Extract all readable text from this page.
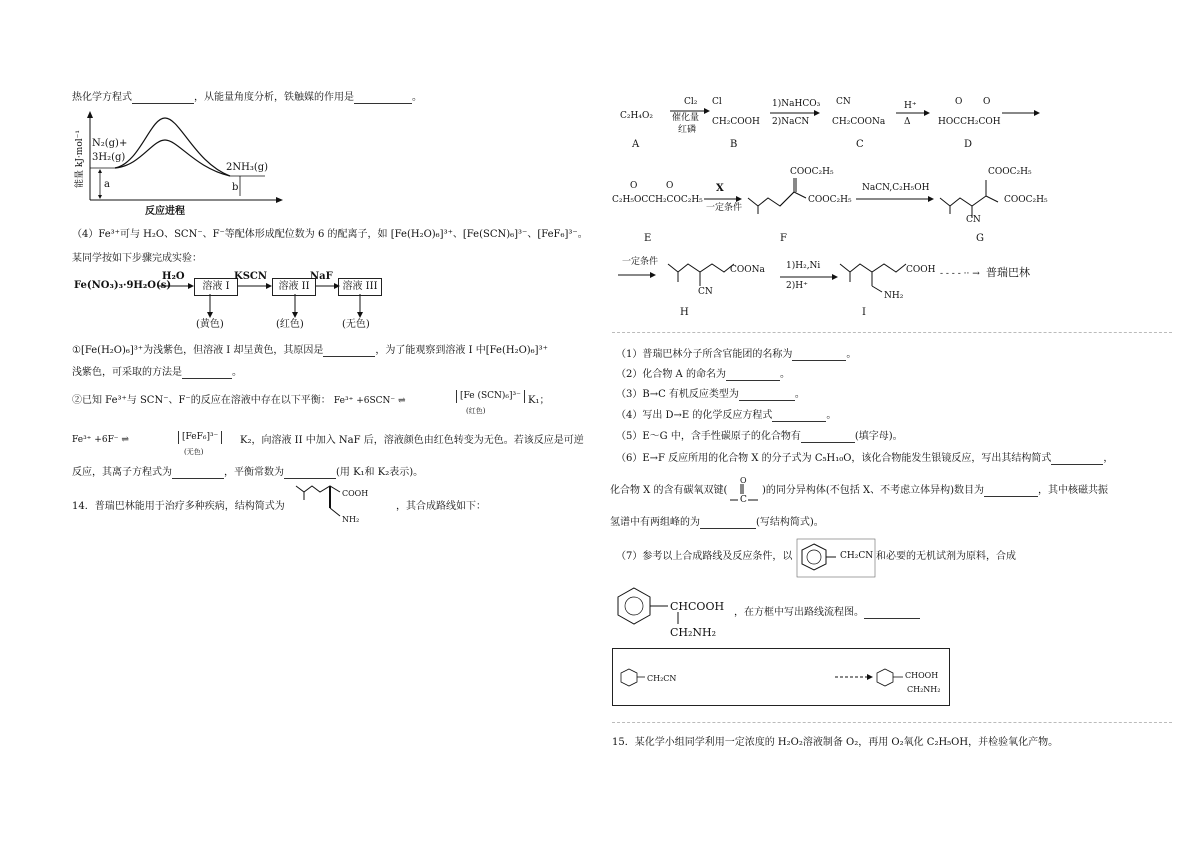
热化学方程式	，从能量角度分析，铁触媒的作用是	。
a	b
N₂(g)+
3H₂(g)
2NH₃(g)
反应进程
能量 kJ·mol⁻¹
（4）Fe³⁺可与 H₂O、SCN⁻、F⁻等配体形成配位数为 6 的配离子，如 [Fe(H₂O)₆]³⁺、[Fe(SCN)₆]³⁻、[FeF₆]³⁻。
某同学按如下步骤完成实验：
Fe(NO₃)₃·9H₂O(s)
H₂O
溶液 I
KSCN
溶液 II
NaF
溶液 III
(黄色)	(红色)	(无色)
①[Fe(H₂O)₆]³⁺为浅紫色，但溶液 I 却呈黄色，其原因是	，为了能观察到溶液 I 中[Fe(H₂O)₆]³⁺
浅紫色，可采取的方法是	。
②已知 Fe³⁺与 SCN⁻、F⁻的反应在溶液中存在以下平衡： Fe³⁺ +6SCN⁻ ⇌	[Fe (SCN)₆]³⁻
(红色)
K₁；
Fe³⁺ +6F⁻ ⇌	[FeF₆]³⁻
(无色)
K₂，向溶液 II 中加入 NaF 后，溶液颜色由红色转变为无色。若该反应是可逆
反应，其离子方程式为	，平衡常数为	(用 K₁和 K₂表示)。
14．普瑞巴林能用于治疗多种疾病，结构简式为
COOH
NH₂
，其合成路线如下：
C₂H₄O₂
A
Cl₂
催化量
红磷
Cl
CH₂COOH
B
1)NaHCO₃
2)NaCN
CN
CH₂COONa
C
H⁺
Δ
O O
HOCCH₂COH
D
O	O
C₂H₅OCCH₂COC₂H₅
E
X
一定条件
COOC₂H₅
COOC₂H₅
F
NaCN,C₂H₅OH
COOC₂H₅
COOC₂H₅
CN
G
一定条件
COONa
CN
H
1)H₂,Ni
2)H⁺
COOH
NH₂
I
- - - - ·· → 普瑞巴林
（1）普瑞巴林分子所含官能团的名称为	。
（2）化合物 A 的命名为	。
（3）B→C 有机反应类型为	。
（4）写出 D→E 的化学反应方程式	。
（5）E～G 中，含手性碳原子的化合物有	(填字母)。
（6）E→F 反应所用的化合物 X 的分子式为 C₅H₁₀O，该化合物能发生银镜反应，写出其结构简式	，
化合物 X 的含有碳氧双键(
O
C
)的同分异构体(不包括 X、不考虑立体异构)数目为	，其中核磁共振
氢谱中有两组峰的为	(写结构简式)。
（7）参考以上合成路线及反应条件，以	CH₂CN 和必要的无机试剂为原料，合成
CHCOOH
CH₂NH₂
，在方框中写出路线流程图。
CH₂CN	CHOOH
CH₂NH₂
15．某化学小组同学利用一定浓度的 H₂O₂溶液制备 O₂，再用 O₂氧化 C₂H₅OH，并检验氧化产物。
